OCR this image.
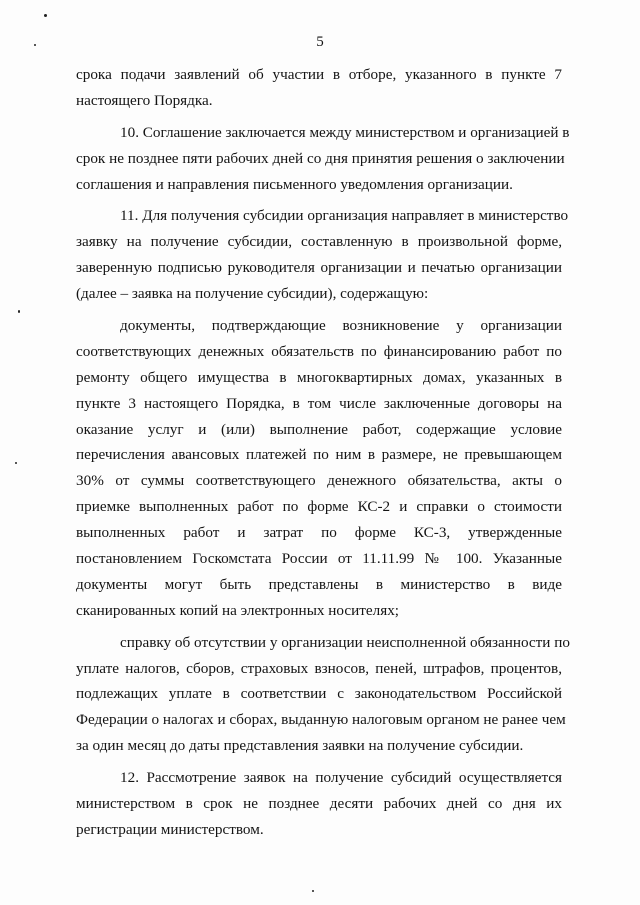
5
срока подачи заявлений об участии в отборе, указанного в пункте 7
настоящего Порядка.
10. Соглашение заключается между министерством и организацией в
срок не позднее пяти рабочих дней со дня принятия решения о заключении
соглашения и направления письменного уведомления организации.
11. Для получения субсидии организация направляет в министерство
заявку на получение субсидии, составленную в произвольной форме,
заверенную подписью руководителя организации и печатью организации
(далее – заявка на получение субсидии), содержащую:
документы, подтверждающие возникновение у организации
соответствующих денежных обязательств по финансированию работ по
ремонту общего имущества в многоквартирных домах, указанных в
пункте 3 настоящего Порядка, в том числе заключенные договоры на
оказание услуг и (или) выполнение работ, содержащие условие
перечисления авансовых платежей по ним в размере, не превышающем
30% от суммы соответствующего денежного обязательства, акты о
приемке выполненных работ по форме КС-2 и справки о стоимости
выполненных работ и затрат по форме КС-3, утвержденные
постановлением Госкомстата России от 11.11.99 № 100. Указанные
документы могут быть представлены в министерство в виде
сканированных копий на электронных носителях;
справку об отсутствии у организации неисполненной обязанности по
уплате налогов, сборов, страховых взносов, пеней, штрафов, процентов,
подлежащих уплате в соответствии с законодательством Российской
Федерации о налогах и сборах, выданную налоговым органом не ранее чем
за один месяц до даты представления заявки на получение субсидии.
12. Рассмотрение заявок на получение субсидий осуществляется
министерством в срок не позднее десяти рабочих дней со дня их
регистрации министерством.
